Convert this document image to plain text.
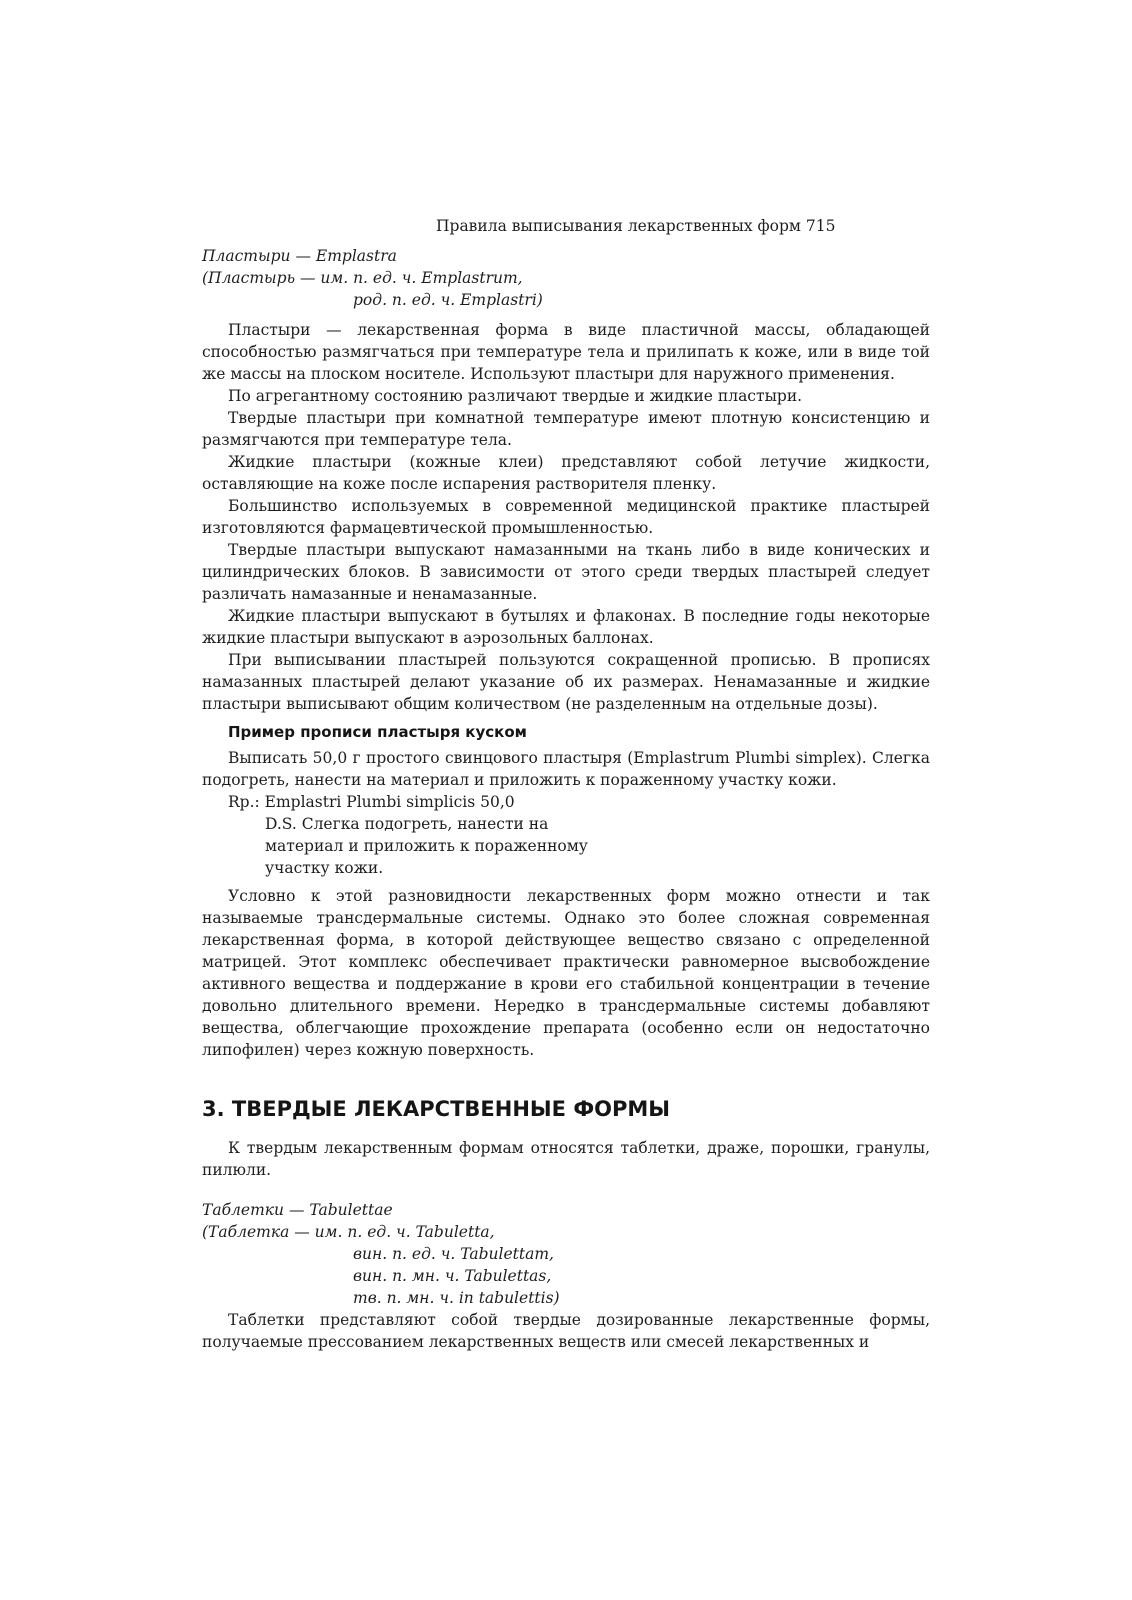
Правила выписывания лекарственных форм 715
Пластыри — Emplastra
(Пластырь — им. п. ед. ч. Emplastrum,
род. п. ед. ч. Emplastri)

Пластыри — лекарственная форма в виде пластичной массы, обладающей способностью размягчаться при температуре тела и прилипать к коже, или в виде той же массы на плоском носителе. Используют пластыри для наружного применения.

По агрегантному состоянию различают твердые и жидкие пластыри.

Твердые пластыри при комнатной температуре имеют плотную консистенцию и размягчаются при температуре тела.

Жидкие пластыри (кожные клеи) представляют собой летучие жидкости, оставляющие на коже после испарения растворителя пленку.

Большинство используемых в современной медицинской практике пластырей изготовляются фармацевтической промышленностью.

Твердые пластыри выпускают намазанными на ткань либо в виде конических и цилиндрических блоков. В зависимости от этого среди твердых пластырей следует различать намазанные и ненамазанные.

Жидкие пластыри выпускают в бутылях и флаконах. В последние годы некоторые жидкие пластыри выпускают в аэрозольных баллонах.

При выписывании пластырей пользуются сокращенной прописью. В прописях намазанных пластырей делают указание об их размерах. Ненамазанные и жидкие пластыри выписывают общим количеством (не разделенным на отдельные дозы).

Пример прописи пластыря куском

Выписать 50,0 г простого свинцового пластыря (Emplastrum Plumbi simplex). Слегка подогреть, нанести на материал и приложить к пораженному участку кожи.

Rp.: Emplastri Plumbi simplicis 50,0
D.S. Слегка подогреть, нанести на
материал и приложить к пораженному
участку кожи.

Условно к этой разновидности лекарственных форм можно отнести и так называемые трансдермальные системы. Однако это более сложная современная лекарственная форма, в которой действующее вещество связано с определенной матрицей. Этот комплекс обеспечивает практически равномерное высвобождение активного вещества и поддержание в крови его стабильной концентрации в течение довольно длительного времени. Нередко в трансдермальные системы добавляют вещества, облегчающие прохождение препарата (особенно если он недостаточно липофилен) через кожную поверхность.

3. ТВЕРДЫЕ ЛЕКАРСТВЕННЫЕ ФОРМЫ

К твердым лекарственным формам относятся таблетки, драже, порошки, гранулы, пилюли.

Таблетки — Tabulettae
(Таблетка — им. п. ед. ч. Tabuletta,
вин. п. ед. ч. Tabulettam,
вин. п. мн. ч. Tabulettas,
тв. п. мн. ч. in tabulettis)

Таблетки представляют собой твердые дозированные лекарственные формы, получаемые прессованием лекарственных веществ или смесей лекарственных и
